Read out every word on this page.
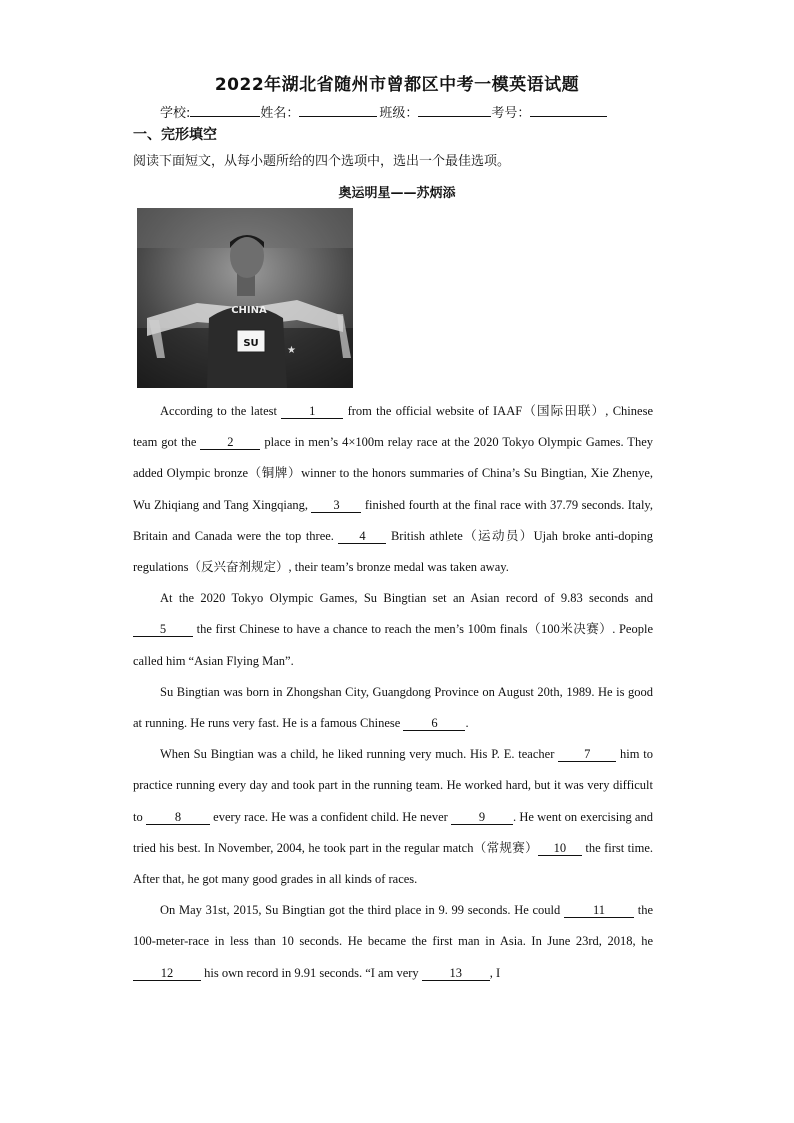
2022年湖北省随州市曾都区中考一模英语试题
学校:	姓名：	班级：	考号：
一、完形填空
阅读下面短文，从每小题所给的四个选项中，选出一个最佳选项。
奥运明星——苏炳添
CHINA
SU
★

According to the latest 1 from the official website of IAAF（国际田联）, Chinese team got the 2 place in men’s 4×100m relay race at the 2020 Tokyo Olympic Games. They added Olympic bronze（铜牌）winner to the honors summaries of China’s Su Bingtian, Xie Zhenye, Wu Zhiqiang and Tang Xingqiang, 3 finished fourth at the final race with 37.79 seconds. Italy, Britain and Canada were the top three. 4 British athlete（运动员）Ujah broke anti-doping regulations（反兴奋剂规定）, their team’s bronze medal was taken away.

At the 2020 Tokyo Olympic Games, Su Bingtian set an Asian record of 9.83 seconds and 5 the first Chinese to have a chance to reach the men’s 100m finals（100米决赛）. People called him “Asian Flying Man”.

Su Bingtian was born in Zhongshan City, Guangdong Province on August 20th, 1989. He is good at running. He runs very fast. He is a famous Chinese 6 .

When Su Bingtian was a child, he liked running very much. His P. E. teacher 7 him to practice running every day and took part in the running team. He worked hard, but it was very difficult to 8 every race. He was a confident child. He never 9 . He went on exercising and tried his best. In November, 2004, he took part in the regular match（常规赛） 10 the first time. After that, he got many good grades in all kinds of races.

On May 31st, 2015, Su Bingtian got the third place in 9. 99 seconds. He could 11 the 100-meter-race in less than 10 seconds. He became the first man in Asia. In June 23rd, 2018, he 12 his own record in 9.91 seconds. “I am very 13 , I
